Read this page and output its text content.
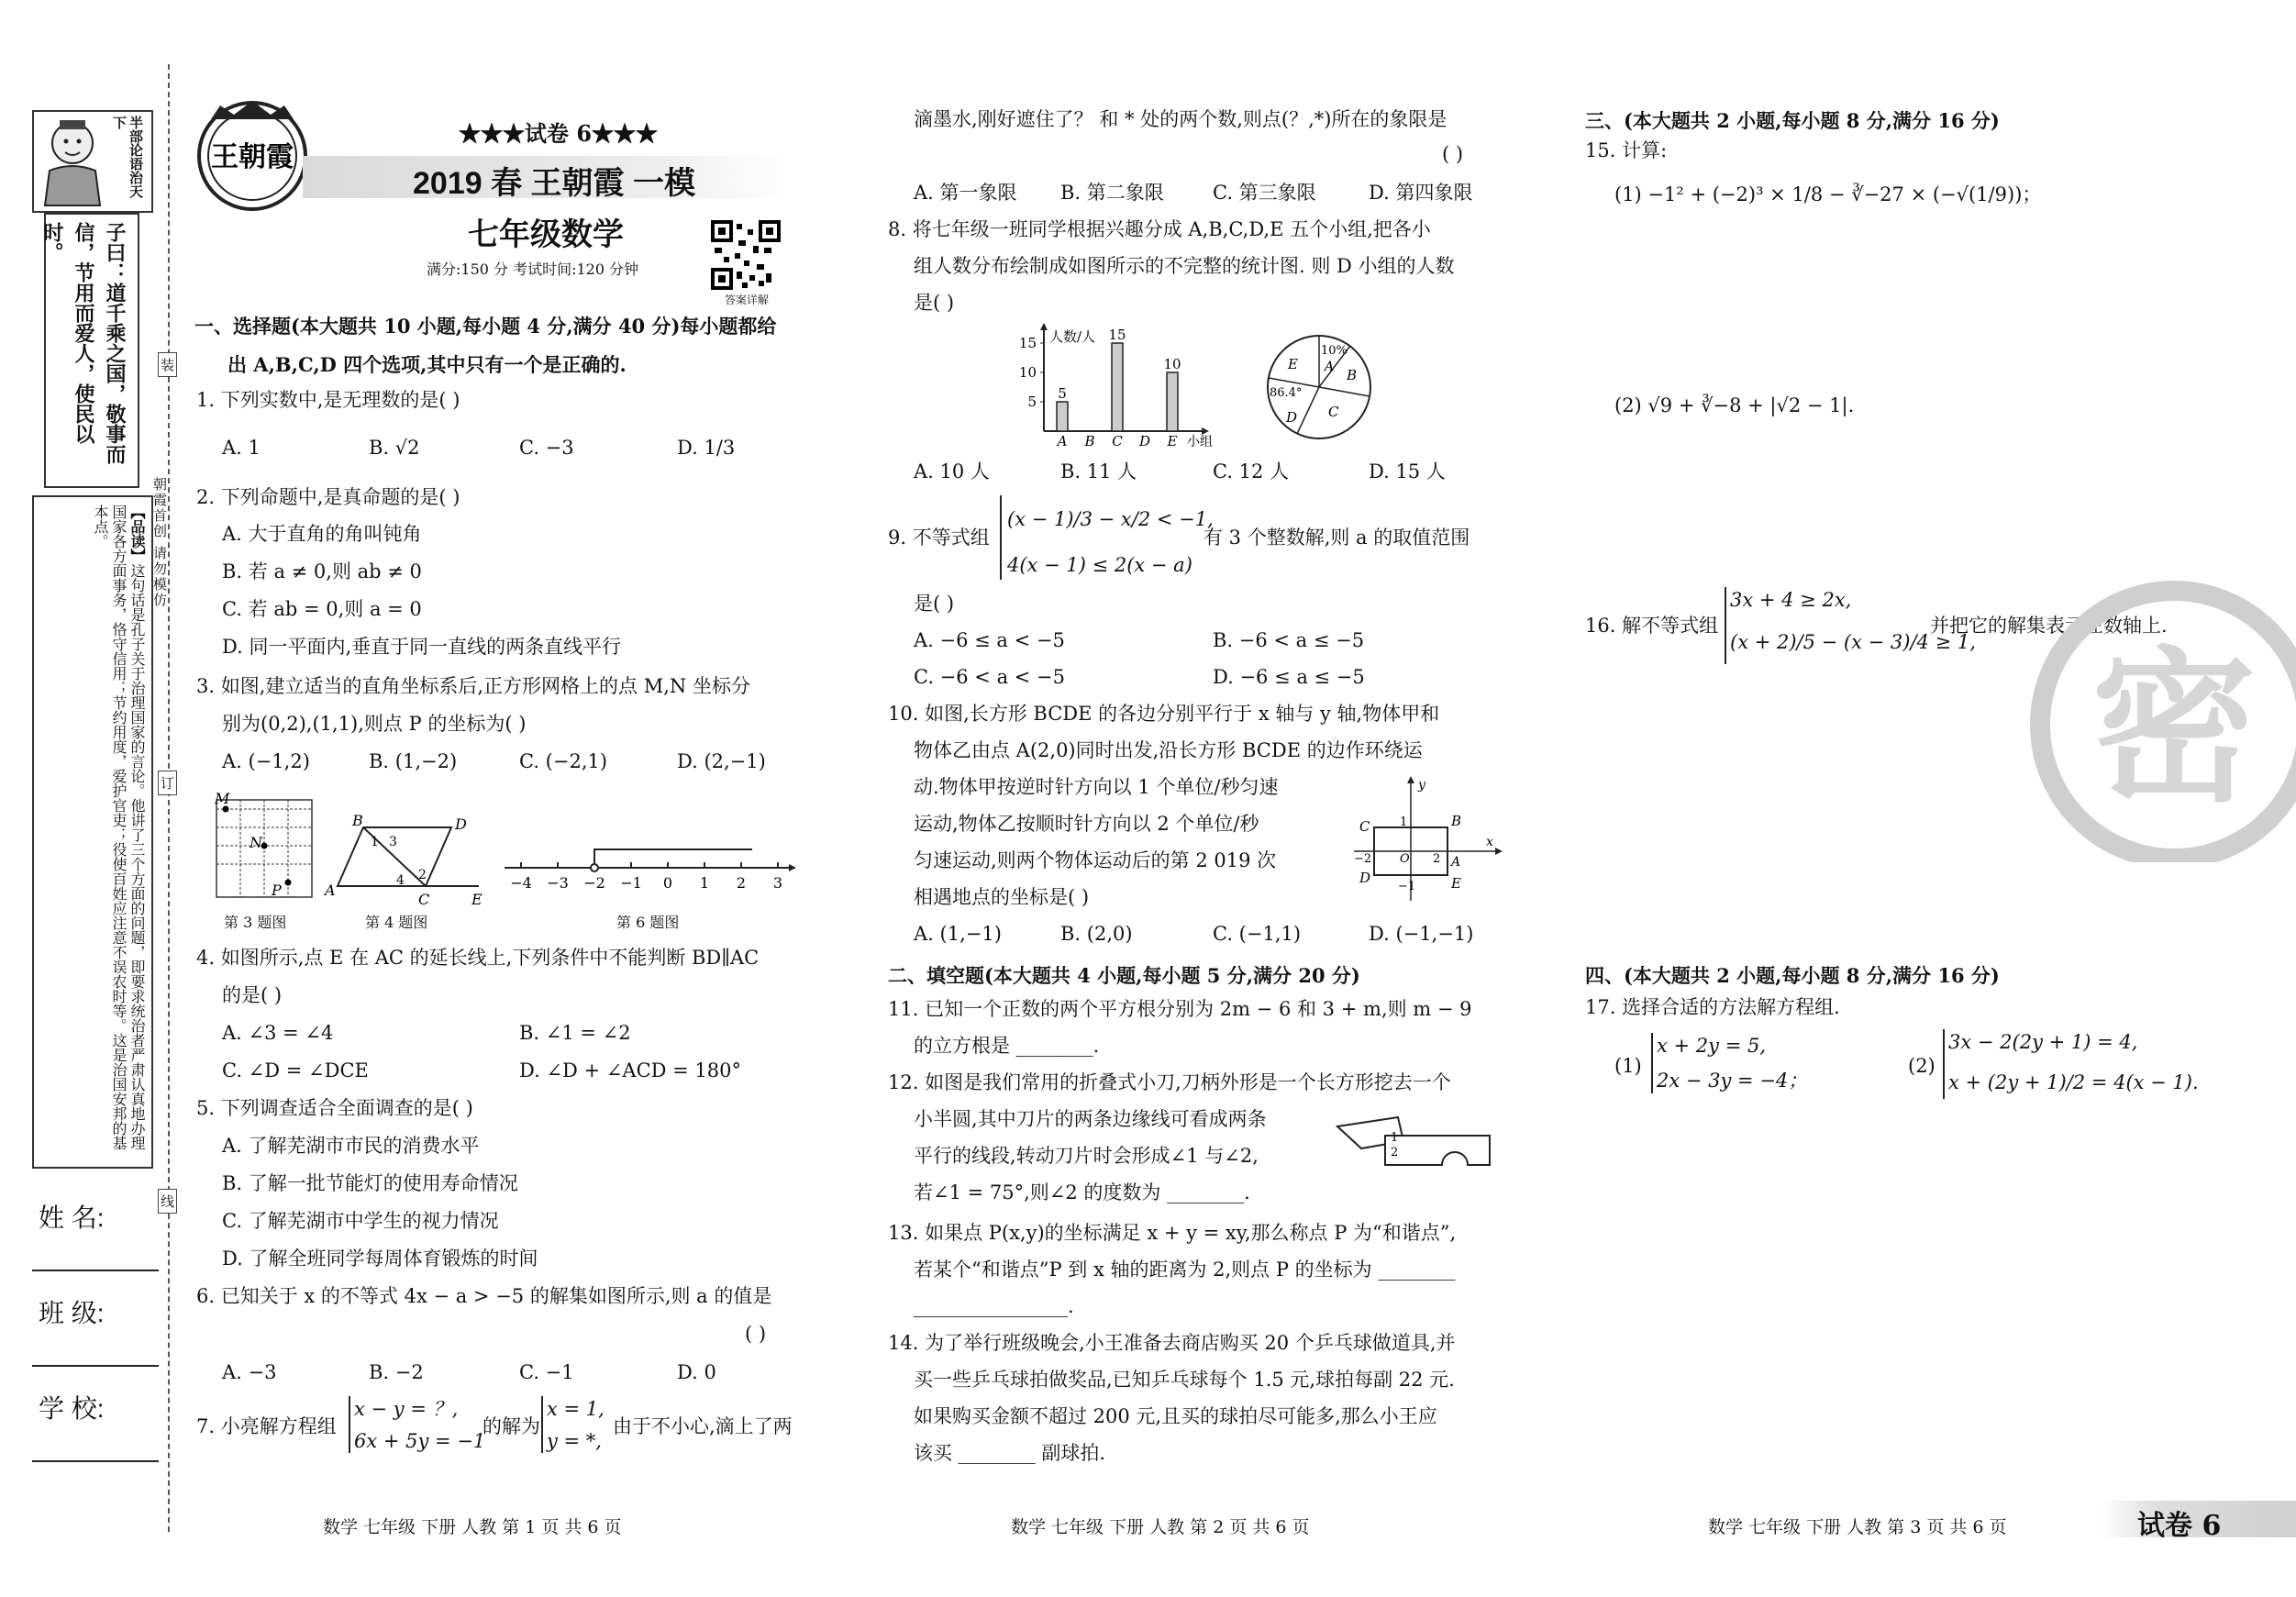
半部论语治天下
子曰：道千乘之国，敬事而信，节用而爱人，使民以时。
【品读】这句话是孔子关于治理国家的言论。他讲了三个方面的问题，即要求统治者严肃认真地办理国家各方面事务，恪守信用；节约用度，爱护官吏；役使百姓应注意不误农时等。这是治国安邦的基本点。
姓 名:
班 级:
学 校:
装
订
线
朝霞首创 请勿模仿
王朝霞
★★★试卷 6★★★
2019 春 王朝霞 一模
七年级数学
满分:150 分 考试时间:120 分钟
答案详解
一、选择题(本大题共 10 小题,每小题 4 分,满分 40 分)每小题都给
出 A,B,C,D 四个选项,其中只有一个是正确的.
1. 下列实数中,是无理数的是( )
A. 1	B. √2	C. −3	D. 1/3
2. 下列命题中,是真命题的是( )
A. 大于直角的角叫钝角
B. 若 a ≠ 0,则 ab ≠ 0
C. 若 ab = 0,则 a = 0
D. 同一平面内,垂直于同一直线的两条直线平行
3. 如图,建立适当的直角坐标系后,正方形网格上的点 M,N 坐标分
别为(0,2),(1,1),则点 P 的坐标为( )
A. (−1,2)	B. (1,−2)	C. (−2,1)	D. (2,−1)
M
N
P
第 3 题图
B	D
A
C	E
1 3
4 2
第 4 题图
−4 −3 −2 −1 0 1 2 3
第 6 题图
4. 如图所示,点 E 在 AC 的延长线上,下列条件中不能判断 BD∥AC
的是( )
A. ∠3 = ∠4	B. ∠1 = ∠2
C. ∠D = ∠DCE	D. ∠D + ∠ACD = 180°
5. 下列调查适合全面调查的是( )
A. 了解芜湖市市民的消费水平
B. 了解一批节能灯的使用寿命情况
C. 了解芜湖市中学生的视力情况
D. 了解全班同学每周体育锻炼的时间
6. 已知关于 x 的不等式 4x − a > −5 的解集如图所示,则 a 的值是
( )
A. −3	B. −2	C. −1	D. 0
7. 小亮解方程组
x − y = ？,
6x + 5y = −1
的解为
x = 1,
y = *,
由于不小心,滴上了两
数学 七年级 下册 人教 第 1 页 共 6 页
滴墨水,刚好遮住了？ 和 * 处的两个数,则点(？,*)所在的象限是
( )
A. 第一象限 B. 第二象限	C. 第三象限	D. 第四象限
8. 将七年级一班同学根据兴趣分成 A,B,C,D,E 五个小组,把各小
组人数分布绘制成如图所示的不完整的统计图. 则 D 小组的人数
是( )
人数/人
小组
5
10
15
5
A B
15
C D
10
E
E
10%
A B
C
86.4°
D
A. 10 人	B. 11 人	C. 12 人	D. 15 人
9. 不等式组
(x − 1)/3 − x/2 < −1,
4(x − 1) ≤ 2(x − a)
有 3 个整数解,则 a 的取值范围
是( )
A. −6 ≤ a < −5	B. −6 < a ≤ −5
C. −6 < a < −5	D. −6 ≤ a ≤ −5
10. 如图,长方形 BCDE 的各边分别平行于 x 轴与 y 轴,物体甲和
物体乙由点 A(2,0)同时出发,沿长方形 BCDE 的边作环绕运
动.物体甲按逆时针方向以 1 个单位/秒匀速
运动,物体乙按顺时针方向以 2 个单位/秒
匀速运动,则两个物体运动后的第 2 019 次
相遇地点的坐标是( )
y
x
C	B
A
D	E
1
−2 O 2
−1
A. (1,−1)	B. (2,0)	C. (−1,1)	D. (−1,−1)
二、填空题(本大题共 4 小题,每小题 5 分,满分 20 分)
11. 已知一个正数的两个平方根分别为 2m − 6 和 3 + m,则 m − 9
的立方根是 ________.
12. 如图是我们常用的折叠式小刀,刀柄外形是一个长方形挖去一个
小半圆,其中刀片的两条边缘线可看成两条
平行的线段,转动刀片时会形成∠1 与∠2,
若∠1 = 75°,则∠2 的度数为 ________.
1
2
13. 如果点 P(x,y)的坐标满足 x + y = xy,那么称点 P 为“和谐点”,
若某个“和谐点”P 到 x 轴的距离为 2,则点 P 的坐标为 ________
________________.
14. 为了举行班级晚会,小王准备去商店购买 20 个乒乓球做道具,并
买一些乒乓球拍做奖品,已知乒乓球每个 1.5 元,球拍每副 22 元.
如果购买金额不超过 200 元,且买的球拍尽可能多,那么小王应
该买 ________ 副球拍.
数学 七年级 下册 人教 第 2 页 共 6 页
三、(本大题共 2 小题,每小题 8 分,满分 16 分)
15. 计算:
(1) −1² + (−2)³ × 1/8 − ∛−27 × (−√(1/9))；
(2) √9 + ∛−8 + |√2 − 1|.
16. 解不等式组
3x + 4 ≥ 2x,
(x + 2)/5 − (x − 3)/4 ≥ 1,
并把它的解集表示在数轴上.
四、(本大题共 2 小题,每小题 8 分,满分 16 分)
17. 选择合适的方法解方程组.
(1)
x + 2y = 5,
2x − 3y = −4；
(2)
3x − 2(2y + 1) = 4,
x + (2y + 1)/2 = 4(x − 1).
密
数学 七年级 下册 人教 第 3 页 共 6 页	试卷 6
